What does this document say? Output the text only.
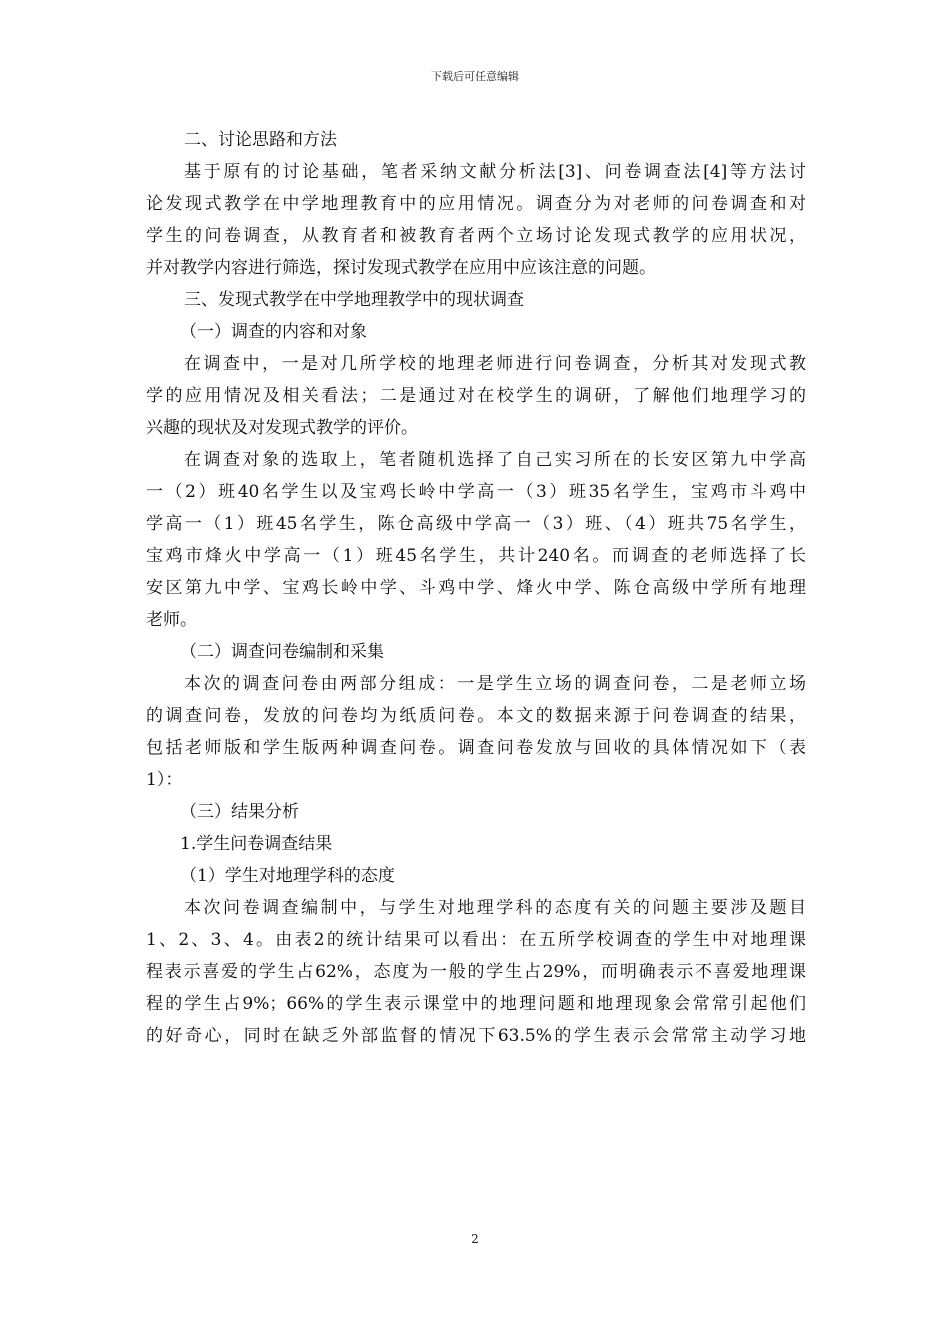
下载后可任意编辑
二、讨论思路和方法
基于原有的讨论基础，笔者采纳文献分析法[3]、问卷调查法[4]等方法讨
论发现式教学在中学地理教育中的应用情况。调查分为对老师的问卷调查和对
学生的问卷调查，从教育者和被教育者两个立场讨论发现式教学的应用状况，
并对教学内容进行筛选，探讨发现式教学在应用中应该注意的问题。
三、发现式教学在中学地理教学中的现状调查
（一）调查的内容和对象
在调查中，一是对几所学校的地理老师进行问卷调查，分析其对发现式教
学的应用情况及相关看法；二是通过对在校学生的调研，了解他们地理学习的
兴趣的现状及对发现式教学的评价。
在调查对象的选取上，笔者随机选择了自己实习所在的长安区第九中学高
一（2）班40名学生以及宝鸡长岭中学高一（3）班35名学生，宝鸡市斗鸡中
学高一（1）班45名学生，陈仓高级中学高一（3）班、（4）班共75名学生，
宝鸡市烽火中学高一（1）班45名学生，共计240名。而调查的老师选择了长
安区第九中学、宝鸡长岭中学、斗鸡中学、烽火中学、陈仓高级中学所有地理
老师。
（二）调查问卷编制和采集
本次的调查问卷由两部分组成：一是学生立场的调查问卷，二是老师立场
的调查问卷，发放的问卷均为纸质问卷。本文的数据来源于问卷调查的结果，
包括老师版和学生版两种调查问卷。调查问卷发放与回收的具体情况如下（表
1）：
（三）结果分析
1.学生问卷调查结果
（1）学生对地理学科的态度
本次问卷调查编制中，与学生对地理学科的态度有关的问题主要涉及题目
1、2、3、4。由表2的统计结果可以看出：在五所学校调查的学生中对地理课
程表示喜爱的学生占62%，态度为一般的学生占29%，而明确表示不喜爱地理课
程的学生占9%；66%的学生表示课堂中的地理问题和地理现象会常常引起他们
的好奇心，同时在缺乏外部监督的情况下63.5%的学生表示会常常主动学习地
2
